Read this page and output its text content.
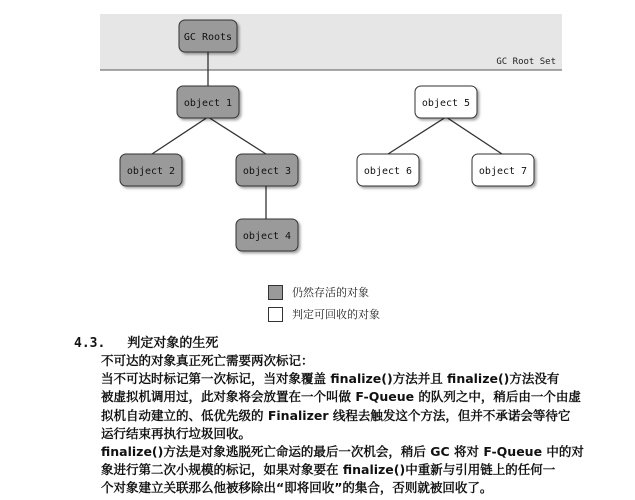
GC Root Set
GC Roots
object 1
object 2	object 3
object 4
object 5
object 6	object 7
仍然存活的对象
判定可回收的对象
4.3. 判定对象的生死

不可达的对象真正死亡需要两次标记：

当不可达时标记第一次标记，当对象覆盖 finalize()方法并且 finalize()方法没有

被虚拟机调用过，此对象将会放置在一个叫做 F-Queue 的队列之中，稍后由一个由虚

拟机自动建立的、低优先级的 Finalizer 线程去触发这个方法，但并不承诺会等待它

运行结束再执行垃圾回收。

finalize()方法是对象逃脱死亡命运的最后一次机会，稍后 GC 将对 F-Queue 中的对

象进行第二次小规模的标记，如果对象要在 finalize()中重新与引用链上的任何一

个对象建立关联那么他被移除出“即将回收”的集合，否则就被回收了。
